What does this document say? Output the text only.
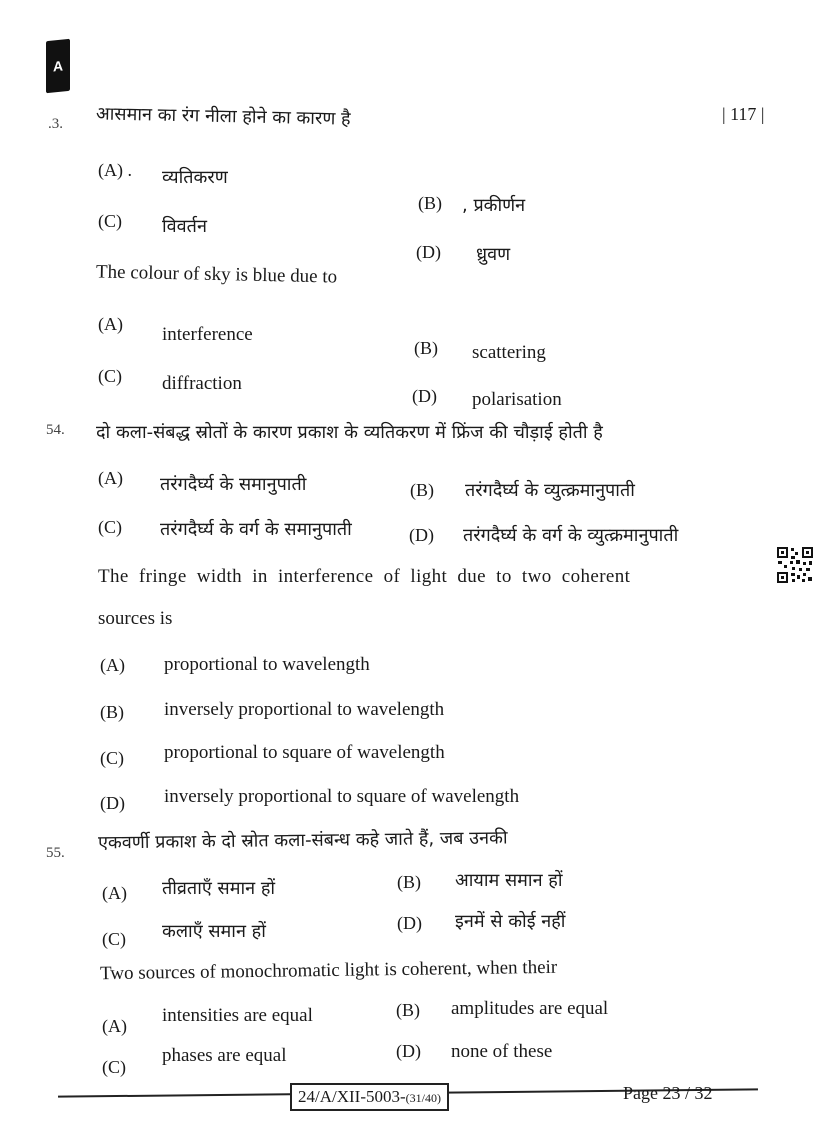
A
| 117 |
.3. आसमान का रंग नीला होने का कारण है
(A) . व्यतिकरण
(B) , प्रकीर्णन
(C) विवर्तन
(D) ध्रुवण
The colour of sky is blue due to
(A) interference
(B) scattering
(C) diffraction
(D) polarisation
54. दो कला-संबद्ध स्रोतों के कारण प्रकाश के व्यतिकरण में फ्रिंज की चौड़ाई होती है
(A) तरंगदैर्घ्य के समानुपाती	(B) तरंगदैर्घ्य के व्युत्क्रमानुपाती
(C) तरंगदैर्घ्य के वर्ग के समानुपाती	(D) तरंगदैर्घ्य के वर्ग के व्युत्क्रमानुपाती
The fringe width in interference of light due to two coherent
sources is
(A) proportional to wavelength
(B) inversely proportional to wavelength
(C) proportional to square of wavelength
(D) inversely proportional to square of wavelength
55. एकवर्णी प्रकाश के दो स्रोत कला-संबन्ध कहे जाते हैं, जब उनकी
(A) तीव्रताएँ समान हों	(B) आयाम समान हों
(C) कलाएँ समान हों	(D) इनमें से कोई नहीं
Two sources of monochromatic light is coherent, when their
(A) intensities are equal	(B) amplitudes are equal
(C)
phases are equal	(D) none of these
24/A/XII-5003-(31/40)	Page 23 / 32
